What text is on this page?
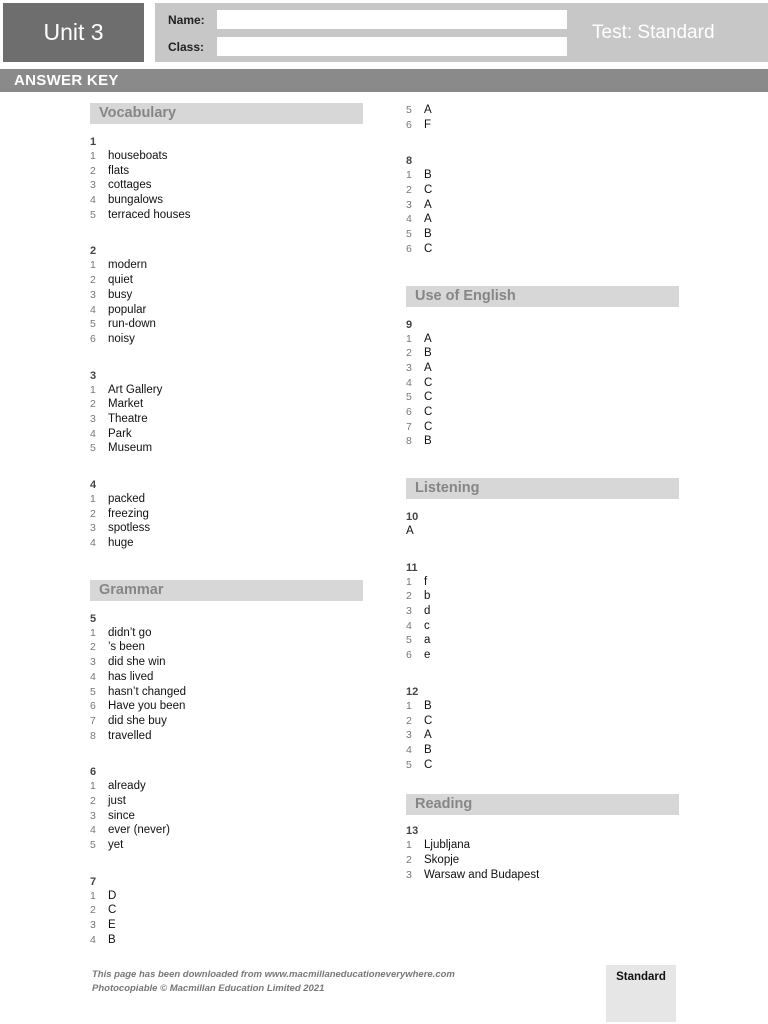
Unit 3	Name:
Class:
Test: Standard
ANSWER KEY
Vocabulary
1
1 houseboats
2 flats
3 cottages
4 bungalows
5 terraced houses
2
1 modern
2 quiet
3 busy
4 popular
5 run-down
6 noisy
3
1 Art Gallery
2 Market
3 Theatre
4 Park
5 Museum
4
1 packed
2 freezing
3 spotless
4 huge
Grammar
5
1 didn’t go
2 ’s been
3 did she win
4 has lived
5 hasn’t changed
6 Have you been
7 did she buy
8 travelled
6
1 already
2 just
3 since
4 ever (never)
5 yet
7
1 D
2 C
3 E
4 B
5 A
6 F
8
1 B
2 C
3 A
4 A
5 B
6 C
Use of English
9
1 A
2 B
3 A
4 C
5 C
6 C
7 C
8 B
Listening
10
A
11
1 f
2 b
3 d
4 c
5 a
6 e
12
1 B
2 C
3 A
4 B
5 C
Reading
13
1 Ljubljana
2 Skopje
3 Warsaw and Budapest
This page has been downloaded from www.macmillaneducationeverywhere.com
Photocopiable © Macmillan Education Limited 2021
Standard
